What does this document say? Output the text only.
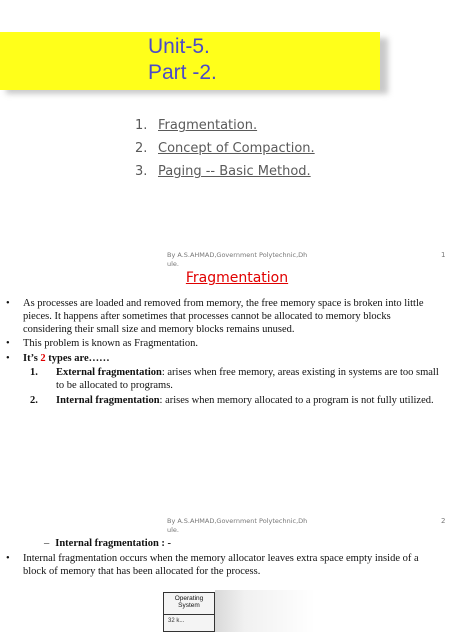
Unit-5.
Part -2.
1. Fragmentation.
2. Concept of Compaction.
3. Paging -- Basic Method.
By A.S.AHMAD,Government Polytechnic,Dh
ule.
1
Fragmentation
• As processes are loaded and removed from memory, the free memory space is broken into little
pieces. It happens after sometimes that processes cannot be allocated to memory blocks
considering their small size and memory blocks remains unused.
• This problem is known as Fragmentation.
• It’s 2 types are……
1. External fragmentation: arises when free memory, areas existing in systems are too small
to be allocated to programs.
2. Internal fragmentation: arises when memory allocated to a program is not fully utilized.
By A.S.AHMAD,Government Polytechnic,Dh
ule.
2
– Internal fragmentation : -
• Internal fragmentation occurs when the memory allocator leaves extra space empty inside of a
block of memory that has been allocated for the process.
Operating
System
32 k...
